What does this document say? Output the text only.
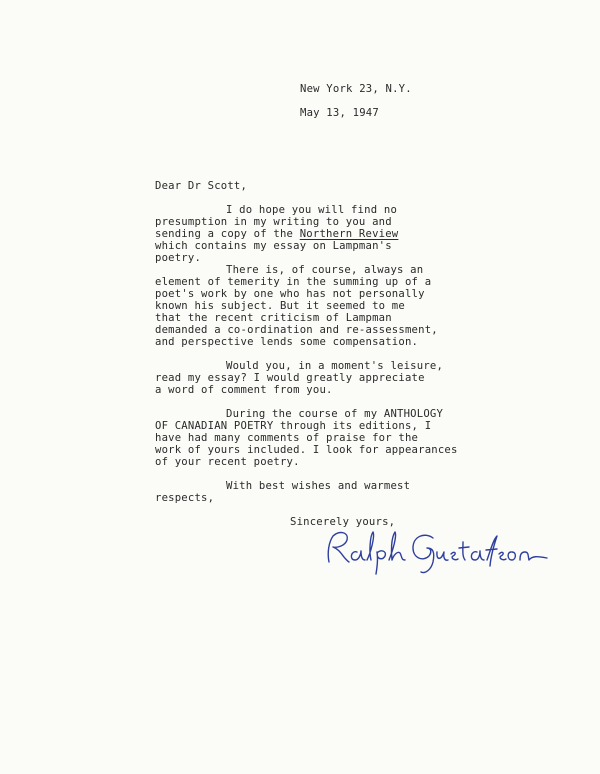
New York 23, N.Y.
May 13, 1947
Dear Dr Scott,
I do hope you will find no
presumption in my writing to you and
sending a copy of the Northern Review
which contains my essay on Lampman's
poetry.
There is, of course, always an
element of temerity in the summing up of a
poet's work by one who has not personally
known his subject. But it seemed to me
that the recent criticism of Lampman
demanded a co-ordination and re-assessment,
and perspective lends some compensation.
Would you, in a moment's leisure,
read my essay? I would greatly appreciate
a word of comment from you.
During the course of my ANTHOLOGY
OF CANADIAN POETRY through its editions, I
have had many comments of praise for the
work of yours included. I look for appearances
of your recent poetry.
With best wishes and warmest
respects,
Sincerely yours,
